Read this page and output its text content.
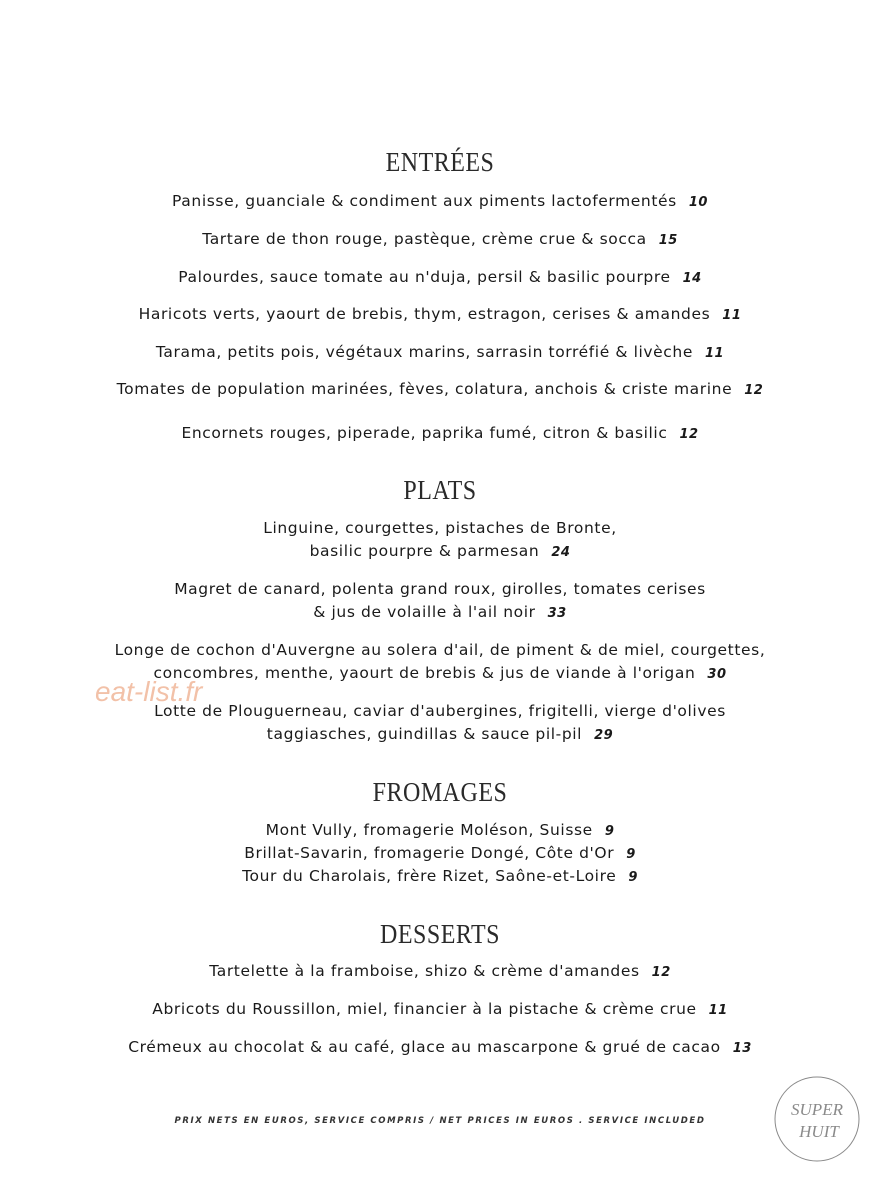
ENTRÉES
Panisse, guanciale & condiment aux piments lactofermentés 10
Tartare de thon rouge, pastèque, crème crue & socca 15
Palourdes, sauce tomate au n'duja, persil & basilic pourpre 14
Haricots verts, yaourt de brebis, thym, estragon, cerises & amandes 11
Tarama, petits pois, végétaux marins, sarrasin torréfié & livèche 11
Tomates de population marinées, fèves, colatura, anchois & criste marine 12
Encornets rouges, piperade, paprika fumé, citron & basilic 12
PLATS
Linguine, courgettes, pistaches de Bronte,
basilic pourpre & parmesan 24
Magret de canard, polenta grand roux, girolles, tomates cerises
& jus de volaille à l'ail noir 33
Longe de cochon d'Auvergne au solera d'ail, de piment & de miel, courgettes,
concombres, menthe, yaourt de brebis & jus de viande à l'origan 30
Lotte de Plouguerneau, caviar d'aubergines, frigitelli, vierge d'olives
taggiasches, guindillas & sauce pil-pil 29
FROMAGES
Mont Vully, fromagerie Moléson, Suisse 9
Brillat-Savarin, fromagerie Dongé, Côte d'Or 9
Tour du Charolais, frère Rizet, Saône-et-Loire 9
DESSERTS
Tartelette à la framboise, shizo & crème d'amandes 12
Abricots du Roussillon, miel, financier à la pistache & crème crue 11
Crémeux au chocolat & au café, glace au mascarpone & grué de cacao 13
PRIX NETS EN EUROS, SERVICE COMPRIS / NET PRICES IN EUROS . SERVICE INCLUDED
eat-list.fr
SUPER
HUIT
